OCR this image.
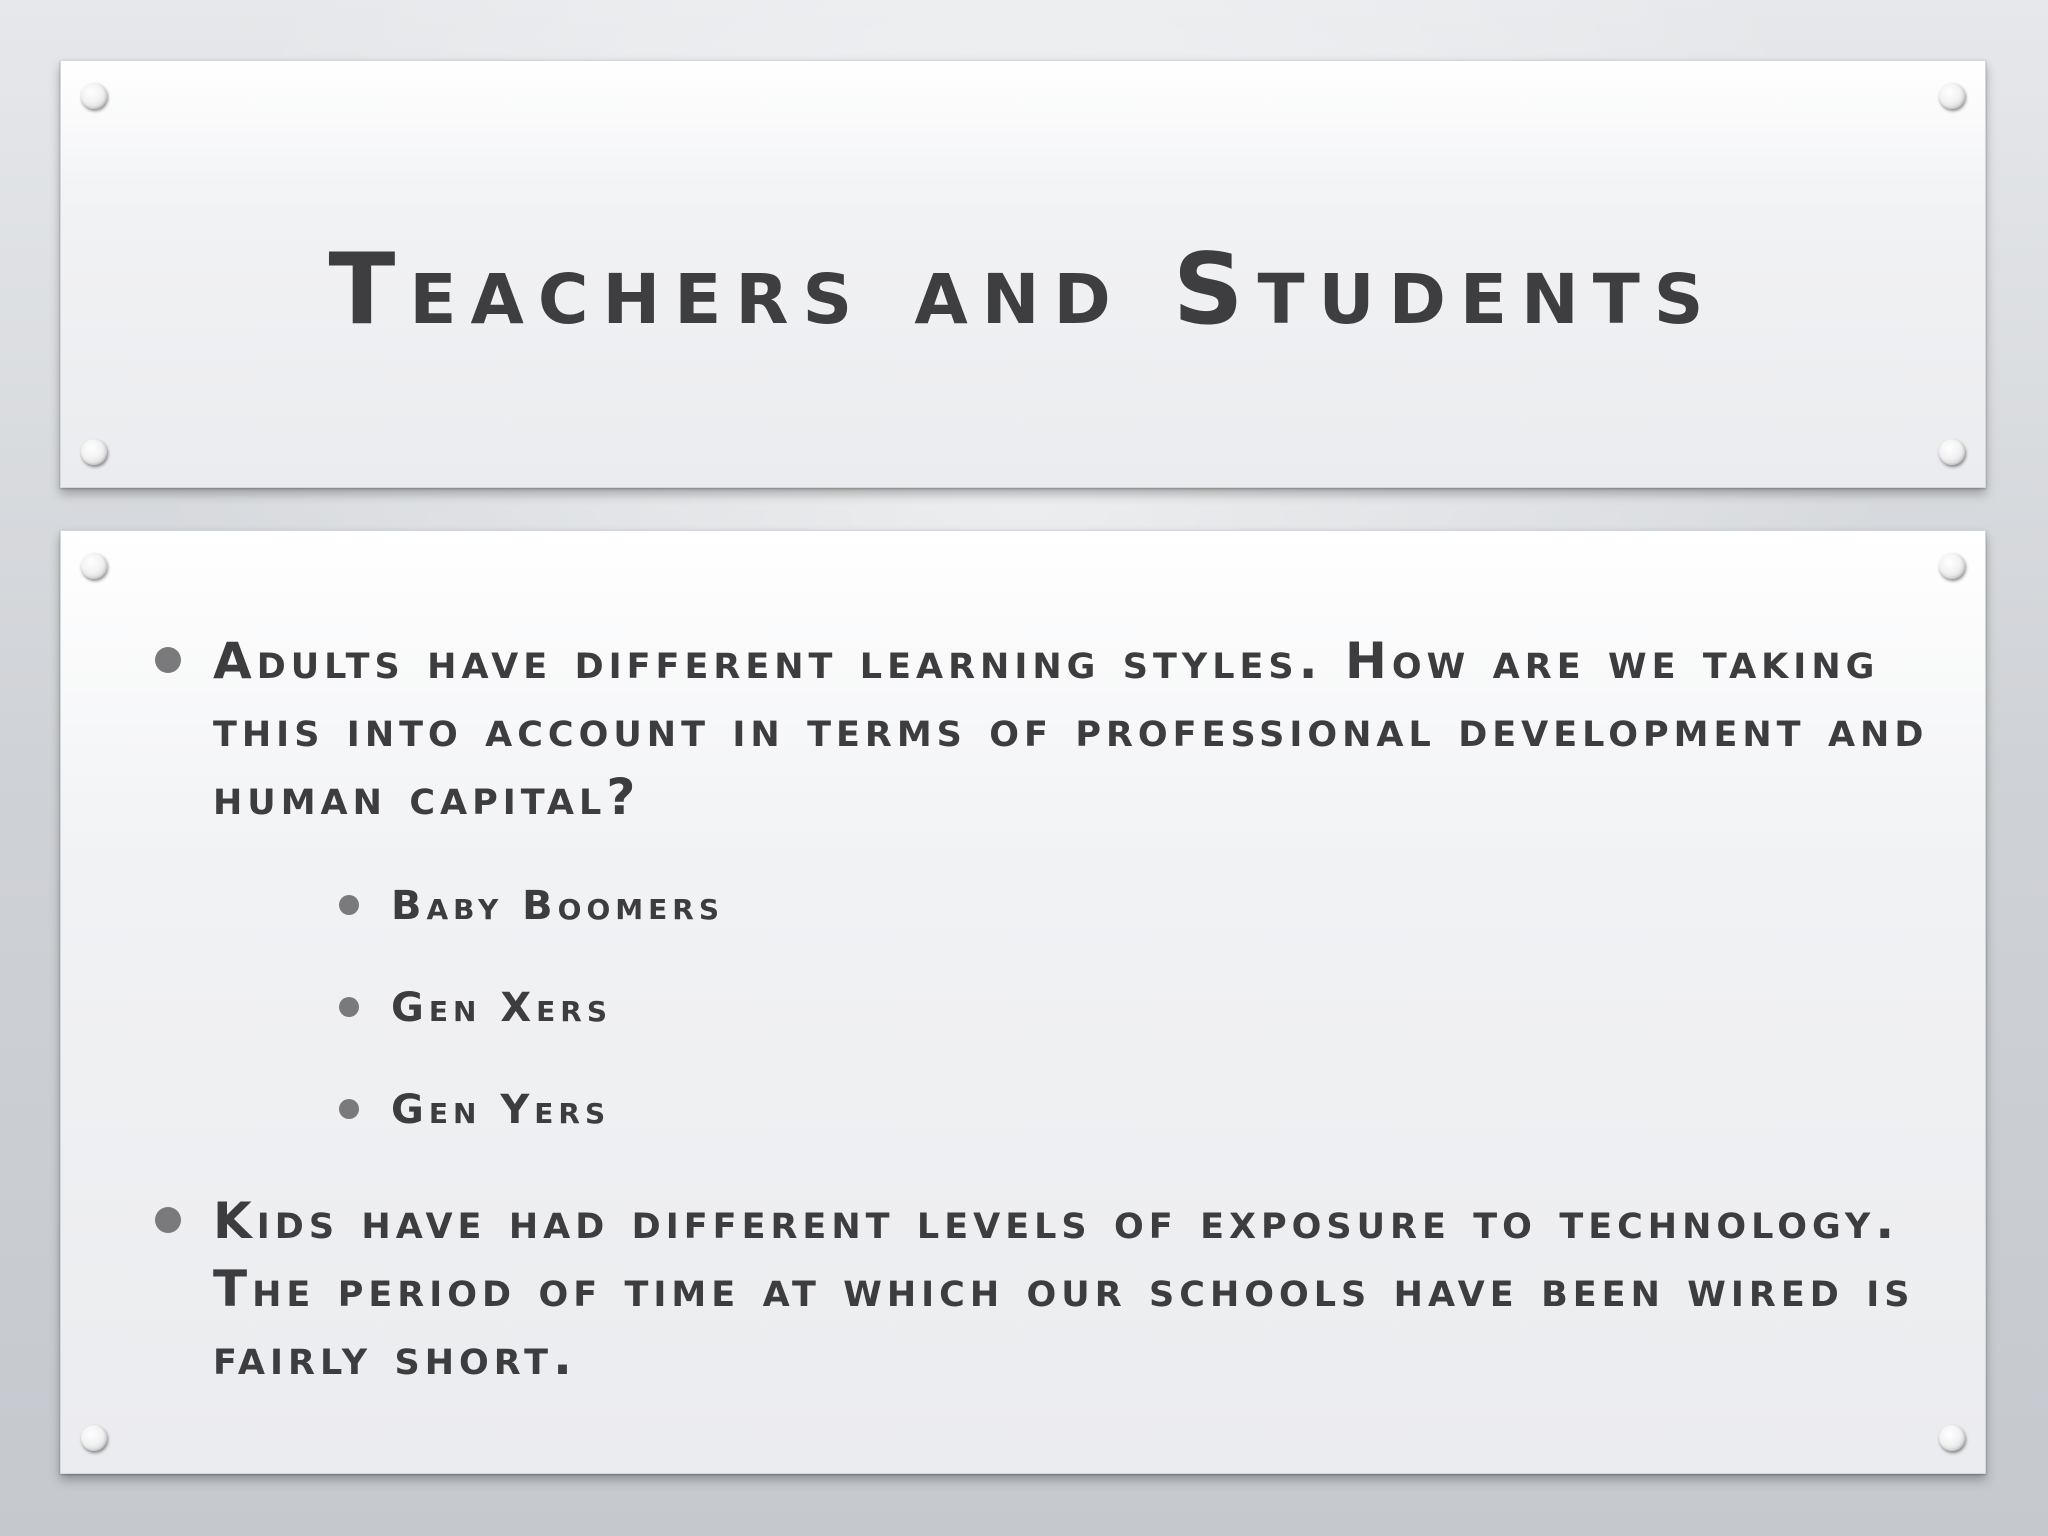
Teachers and Students
Adults have different learning styles. How are we taking this into account in terms of professional development and human capital?
Baby Boomers
Gen Xers
Gen Yers
Kids have had different levels of exposure to technology. The period of time at which our schools have been wired is fairly short.
